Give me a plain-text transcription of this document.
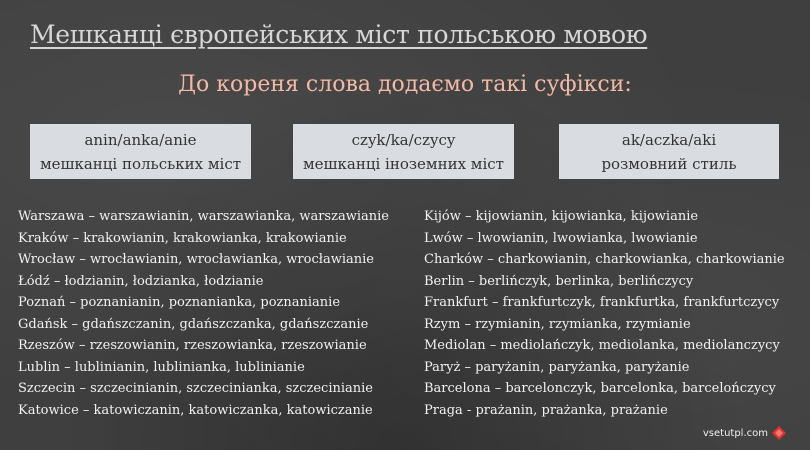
Мешканці європейських міст польською мовою
До кореня слова додаємо такі суфікси:
anin/anka/anie
мешканці польських міст
czyk/ka/czycy
мешканці іноземних міст
ak/aczka/aki
розмовний стиль
Warszawa – warszawianin, warszawianka, warszawianie
Kraków – krakowianin, krakowianka, krakowianie
Wrocław – wrocławianin, wrocławianka, wrocławianie
Łódź – łodzianin, łodzianka, łodzianie
Poznań – poznanianin, poznanianka, poznanianie
Gdańsk – gdańszczanin, gdańszczanka, gdańszczanie
Rzeszów – rzeszowianin, rzeszowianka, rzeszowianie
Lublin – lublinianin, lublinianka, lublinianie
Szczecin – szczecinianin, szczecinianka, szczecinianie
Katowice – katowiczanin, katowiczanka, katowiczanie
Kijów – kijowianin, kijowianka, kijowianie
Lwów – lwowianin, lwowianka, lwowianie
Charków – charkowianin, charkowianka, charkowianie
Berlin – berlińczyk, berlinka, berlińczycy
Frankfurt – frankfurtczyk, frankfurtka, frankfurtczycy
Rzym – rzymianin, rzymianka, rzymianie
Mediolan – mediolańczyk, mediolanka, mediolanczycy
Paryż – paryżanin, paryżanka, paryżanie
Barcelona – barcelonczyk, barcelonka, barcelończycy
Praga - prażanin, prażanka, prażanie
vsetutpl.com
